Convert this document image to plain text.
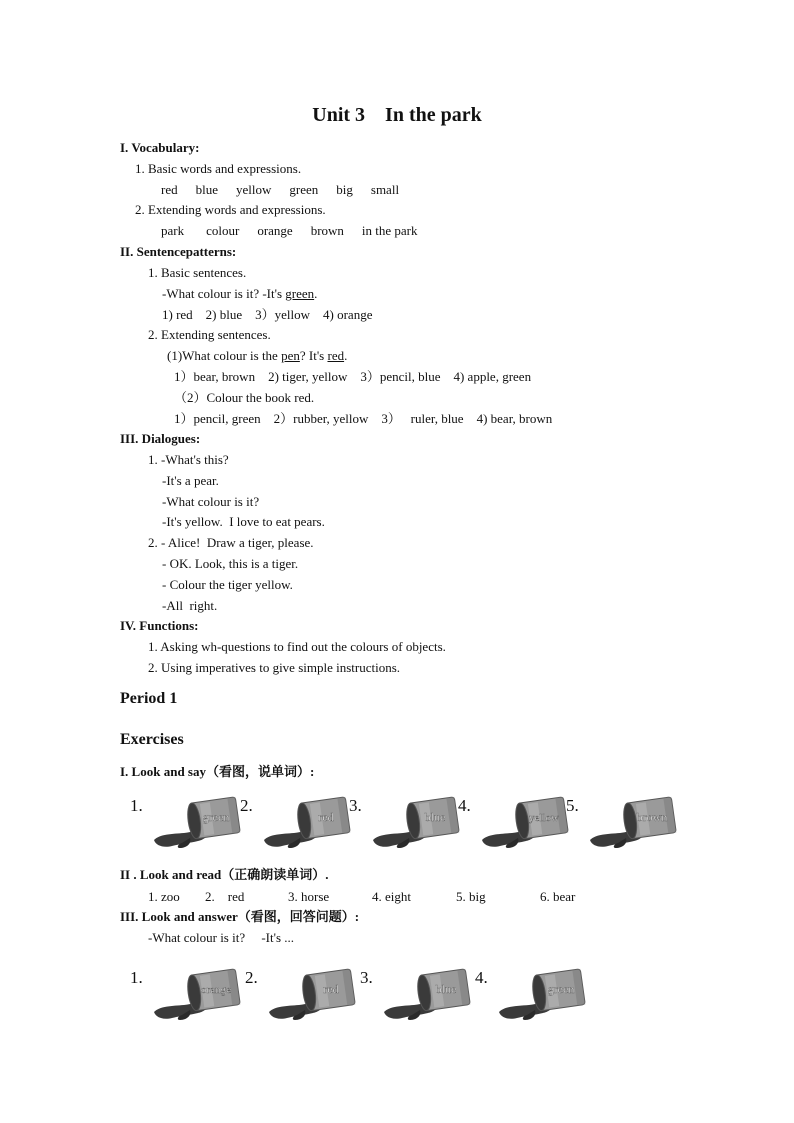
Unit 3    In the park
I. Vocabulary:
1. Basic words and expressions.
red blue yellow green big small
2. Extending words and expressions.
park colour orange brown in the park
II. Sentencepatterns:
1. Basic sentences.
-What colour is it? -It's green.
1) red    2) blue    3）yellow    4) orange
2. Extending sentences.
(1)What colour is the pen? It's red.
1）bear, brown    2) tiger, yellow    3）pencil, blue    4) apple, green
（2）Colour the book red.
1）pencil, green    2）rubber, yellow    3）   ruler, blue    4) bear, brown
III. Dialogues:
1. -What's this?
-It's a pear.
-What colour is it?
-It's yellow.  I love to eat pears.
2. - Alice!  Draw a tiger, please.
- OK. Look, this is a tiger.
- Colour the tiger yellow.
-All  right.
IV. Functions:
1. Asking wh-questions to find out the colours of objects.
2. Using imperatives to give simple instructions.
Period 1
Exercises
I. Look and say（看图，说单词）:
1.
green
2.
red
3.
blue
4.
yellow
5.
brown
II . Look and read（正确朗读单词）.
1. zoo 2.    red	3. horse	4. eight	5. big	6. bear
III. Look and answer（看图，回答问题）:
-What colour is it?     -It's ...
1.
orange
2.
red
3.
blue
4.
green
